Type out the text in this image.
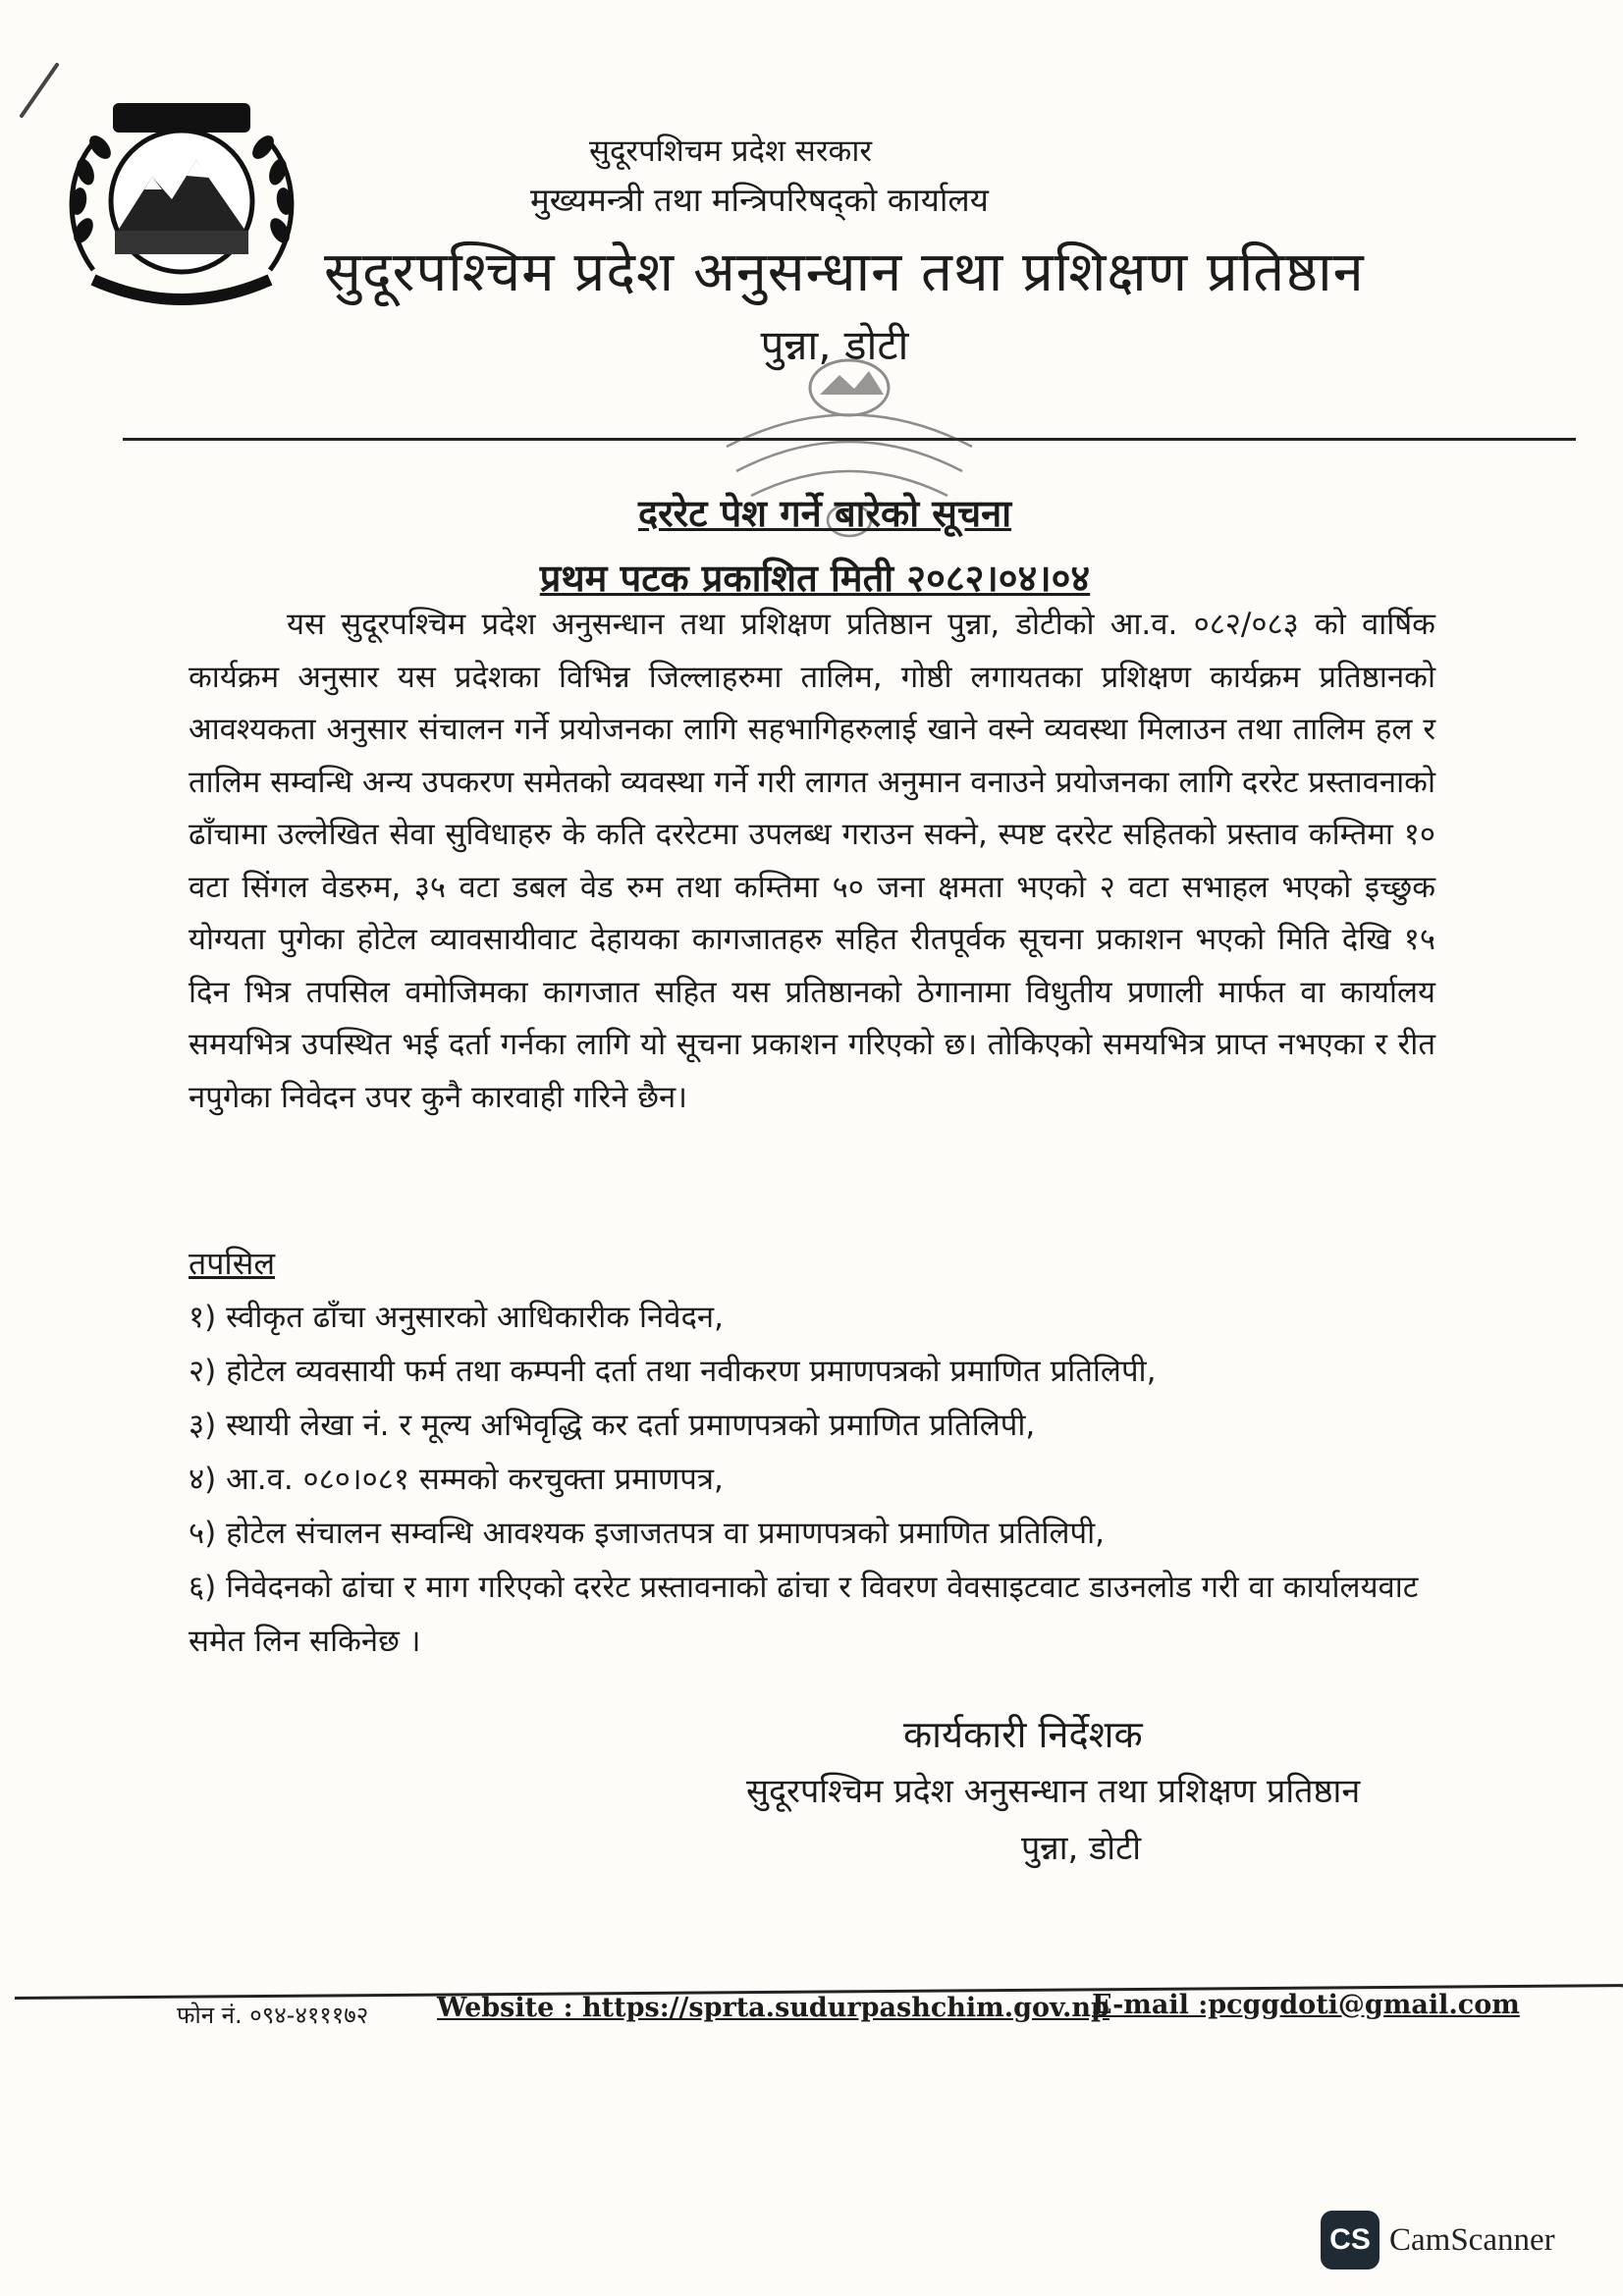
सुदूरपशिचम प्रदेश सरकार
मुख्यमन्त्री तथा मन्त्रिपरिषद्‌को कार्यालय
सुदूरपश्चिम प्रदेश अनुसन्धान तथा प्रशिक्षण प्रतिष्ठान
पुन्ना, डोटी
दररेट पेश गर्ने बारेको सूचना
प्रथम पटक प्रकाशित मिती २०८२।०४।०४
यस सुदूरपश्चिम प्रदेश अनुसन्धान तथा प्रशिक्षण प्रतिष्ठान पुन्ना, डोटीको आ.व. ०८२/०८३ को वार्षिक कार्यक्रम अनुसार यस प्रदेशका विभिन्न जिल्लाहरुमा तालिम, गोष्ठी लगायतका प्रशिक्षण कार्यक्रम प्रतिष्ठानको आवश्यकता अनुसार संचालन गर्ने प्रयोजनका लागि सहभागिहरुलाई खाने वस्ने व्यवस्था मिलाउन तथा तालिम हल र तालिम सम्वन्धि अन्य उपकरण समेतको व्यवस्था गर्ने गरी लागत अनुमान वनाउने प्रयोजनका लागि दररेट प्रस्तावनाको ढाँचामा उल्लेखित सेवा सुविधाहरु के कति दररेटमा उपलब्ध गराउन सक्ने, स्पष्ट दररेट सहितको प्रस्ताव कम्तिमा १० वटा सिंगल वेडरुम, ३५ वटा डबल वेड रुम तथा कम्तिमा ५० जना क्षमता भएको २ वटा सभाहल भएको इच्छुक योग्यता पुगेका होटेल व्यावसायीवाट देहायका कागजातहरु सहित रीतपूर्वक सूचना प्रकाशन भएको मिति देखि १५ दिन भित्र तपसिल वमोजिमका कागजात सहित यस प्रतिष्ठानको ठेगानामा विधुतीय प्रणाली मार्फत वा कार्यालय समयभित्र उपस्थित भई दर्ता गर्नका लागि यो सूचना प्रकाशन गरिएको छ। तोकिएको समयभित्र प्राप्त नभएका र रीत नपुगेका निवेदन उपर कुनै कारवाही गरिने छैन।
तपसिल
१) स्वीकृत ढाँचा अनुसारको आधिकारीक निवेदन,
२) होटेल व्यवसायी फर्म तथा कम्पनी दर्ता तथा नवीकरण प्रमाणपत्रको प्रमाणित प्रतिलिपी,
३) स्थायी लेखा नं. र मूल्य अभिवृद्धि कर दर्ता प्रमाणपत्रको प्रमाणित प्रतिलिपी,
४) आ.व. ०८०।०८१ सम्मको करचुक्ता प्रमाणपत्र,
५) होटेल संचालन सम्वन्धि आवश्यक इजाजतपत्र वा प्रमाणपत्रको प्रमाणित प्रतिलिपी,
६) निवेदनको ढांचा र माग गरिएको दररेट प्रस्तावनाको ढांचा र विवरण वेवसाइटवाट डाउनलोड गरी वा कार्यालयवाट समेत लिन सकिनेछ ।
कार्यकारी निर्देशक
सुदूरपश्चिम प्रदेश अनुसन्धान तथा प्रशिक्षण प्रतिष्ठान
पुन्ना, डोटी
फोन नं. ०९४-४१११७२	Website : https://sprta.sudurpashchim.gov.np
E-mail :pcggdoti@gmail.com
CS CamScanner
